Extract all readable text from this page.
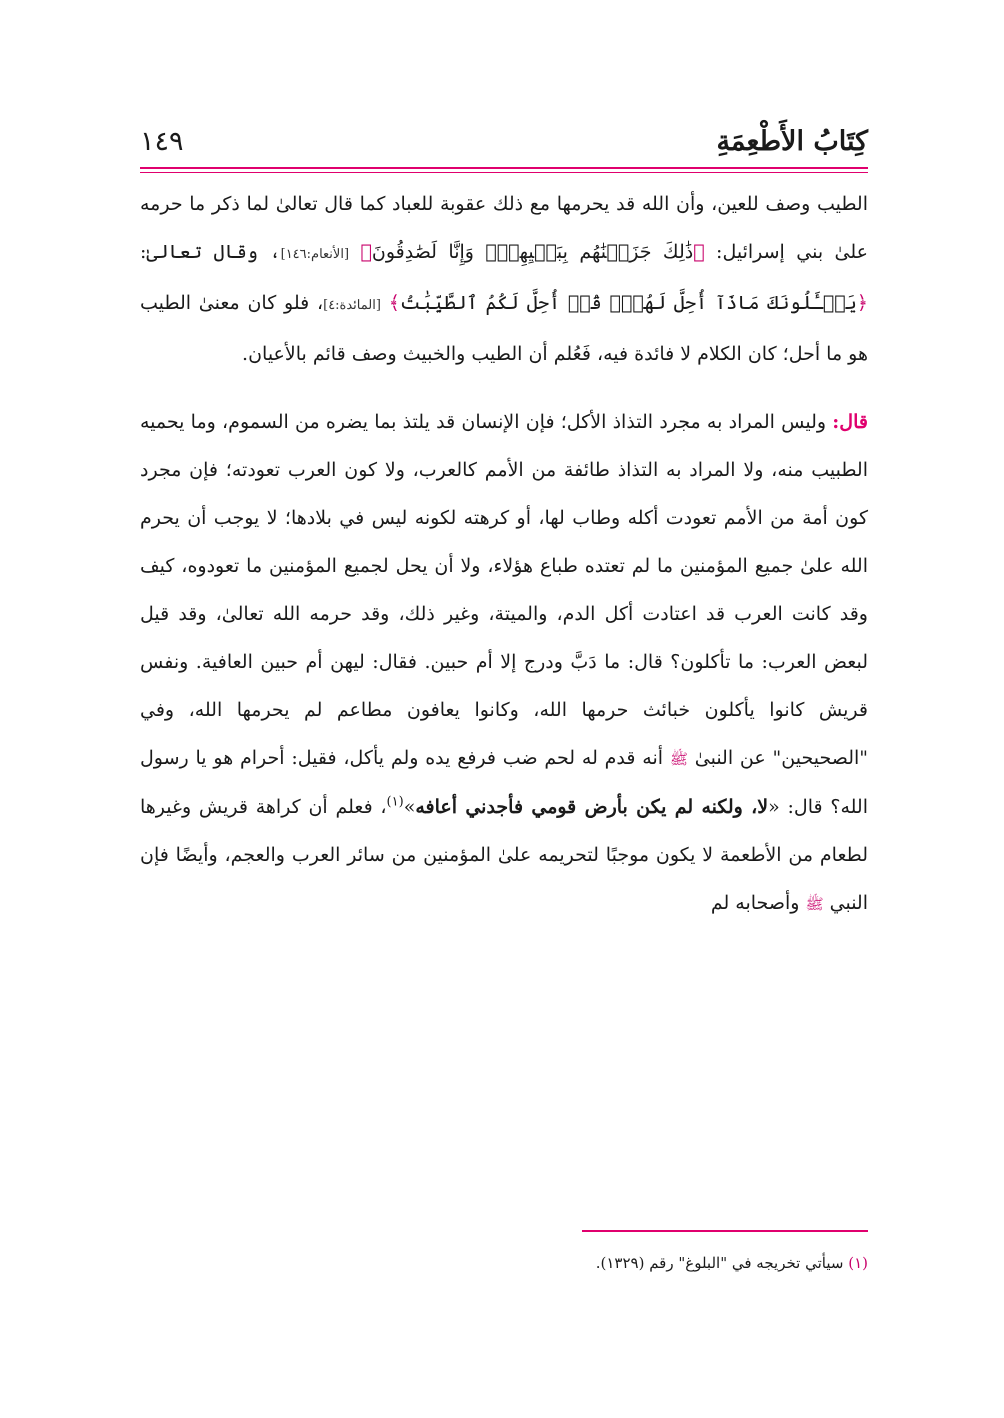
كِتَابُ الأَطْعِمَةِ
١٤٩

الطيب وصف للعين، وأن الله قد يحرمها مع ذلك عقوبة للعباد كما قال تعالىٰ لما ذكر ما حرمه علىٰ بني إسرائيل: ﴿ذَٰلِكَ جَزَيۡنَٰهُم بِبَغۡيِهِمۡۖ وَإِنَّا لَصَٰدِقُونَ﴾ [الأنعام:١٤٦]، وقال تعالىٰ: ﴿يَسۡـَٔلُونَكَ مَاذَآ أُحِلَّ لَهُمۡۖ قُلۡ أُحِلَّ لَكُمُ ٱلطَّيِّبَٰتُ﴾ [المائدة:٤]، فلو كان معنىٰ الطيب هو ما أحل؛ كان الكلام لا فائدة فيه، فَعُلم أن الطيب والخبيث وصف قائم بالأعيان.

قال: وليس المراد به مجرد التذاذ الأكل؛ فإن الإنسان قد يلتذ بما يضره من السموم، وما يحميه الطبيب منه، ولا المراد به التذاذ طائفة من الأمم كالعرب، ولا كون العرب تعودته؛ فإن مجرد كون أمة من الأمم تعودت أكله وطاب لها، أو كرهته لكونه ليس في بلادها؛ لا يوجب أن يحرم الله علىٰ جميع المؤمنين ما لم تعتده طباع هؤلاء، ولا أن يحل لجميع المؤمنين ما تعودوه، كيف وقد كانت العرب قد اعتادت أكل الدم، والميتة، وغير ذلك، وقد حرمه الله تعالىٰ، وقد قيل لبعض العرب: ما تأكلون؟ قال: ما دَبَّ ودرج إلا أم حبين. فقال: ليهن أم حبين العافية. ونفس قريش كانوا يأكلون خبائث حرمها الله، وكانوا يعافون مطاعم لم يحرمها الله، وفي "الصحيحين" عن النبىٰ ﷺ أنه قدم له لحم ضب فرفع يده ولم يأكل، فقيل: أحرام هو يا رسول الله؟ قال: «لا، ولكنه لم يكن بأرض قومي فأجدني أعافه»$^{(١)}$، فعلم أن كراهة قريش وغيرها لطعام من الأطعمة لا يكون موجبًا لتحريمه علىٰ المؤمنين من سائر العرب والعجم، وأيضًا فإن النبي ﷺ وأصحابه لم

(١) سيأتي تخريجه في "البلوغ" رقم (١٣٢٩).
